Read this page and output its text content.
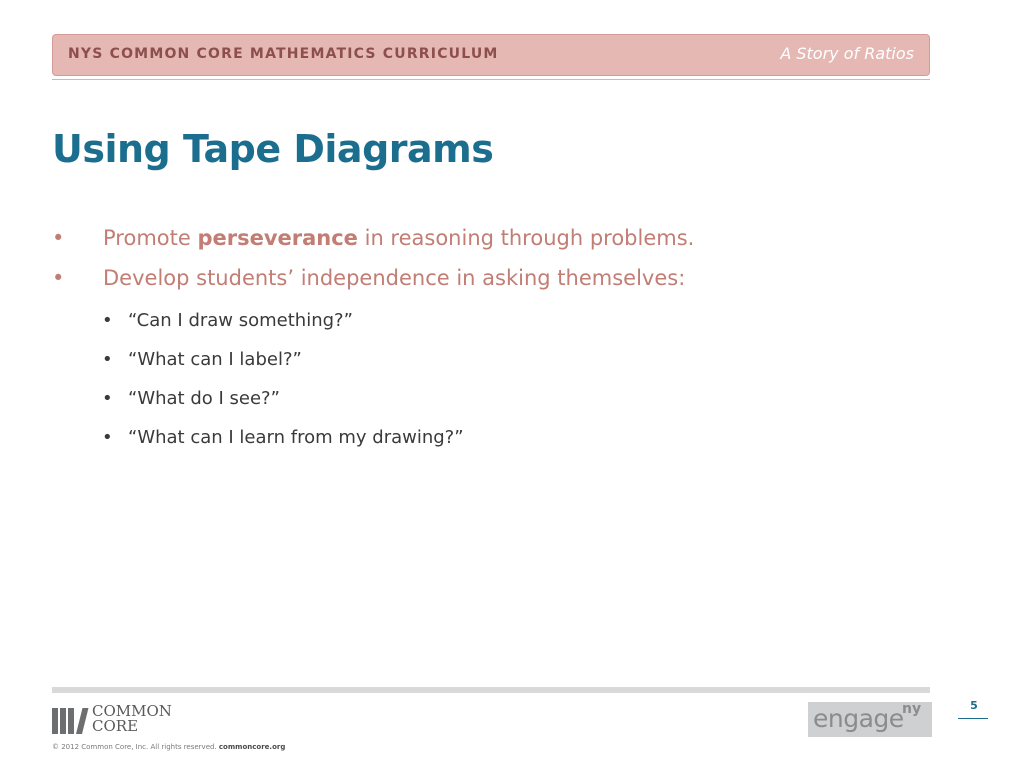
NYS COMMON CORE MATHEMATICS CURRICULUM	A Story of Ratios
Using Tape Diagrams
• Promote perseverance in reasoning through problems.
• Develop students’ independence in asking themselves:
• “Can I draw something?”
• “What can I label?”
• “What do I see?”
• “What can I learn from my drawing?”
COMMON
CORE
© 2012 Common Core, Inc. All rights reserved. commoncore.org
engage
ny	5
